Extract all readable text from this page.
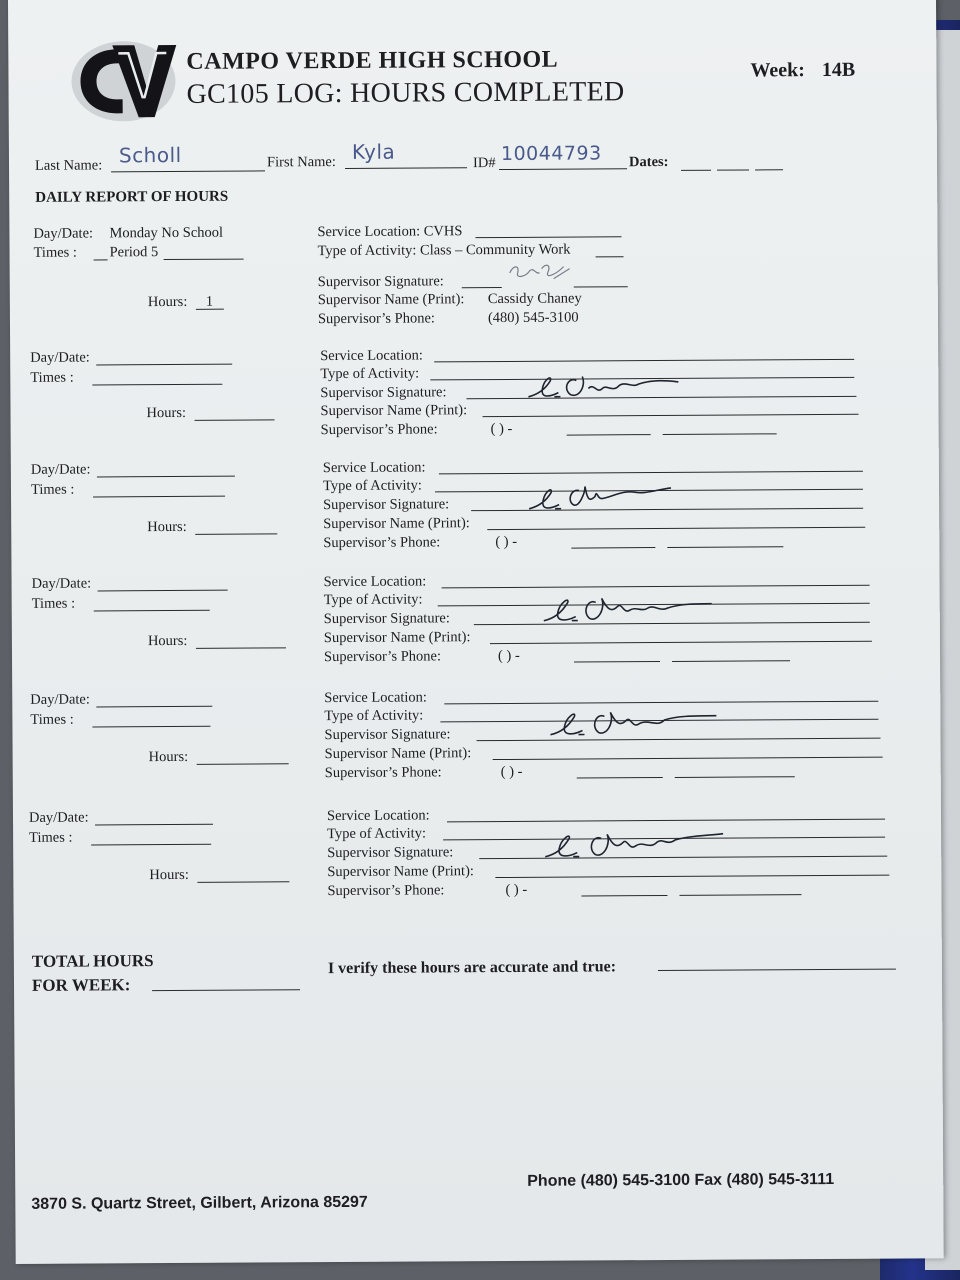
CAMPO VERDE HIGH SCHOOL
GC105 LOG: HOURS COMPLETED
Week: 14B
Last Name: Scholl	First Name: Kyla	ID# 10044793 Dates:
DAILY REPORT OF HOURS
Day/Date: Monday No School
Times : Period 5
Hours: 1
Service Location: CVHS
Type of Activity: Class – Community Work
Supervisor Signature:
Supervisor Name (Print): Cassidy Chaney
Supervisor’s Phone:	(480) 545-3100
Day/Date:
Times :
Hours:
Service Location:
Type of Activity:
Supervisor Signature:
Supervisor Name (Print):
Supervisor’s Phone:	( ) -
Day/Date:
Times :
Hours:
Service Location:
Type of Activity:
Supervisor Signature:
Supervisor Name (Print):
Supervisor’s Phone:	( ) -
Day/Date:
Times :
Hours:
Service Location:
Type of Activity:
Supervisor Signature:
Supervisor Name (Print):
Supervisor’s Phone:	( ) -
Day/Date:
Times :
Hours:
Service Location:
Type of Activity:
Supervisor Signature:
Supervisor Name (Print):
Supervisor’s Phone:	( ) -
Day/Date:
Times :
Hours:
Service Location:
Type of Activity:
Supervisor Signature:
Supervisor Name (Print):
Supervisor’s Phone:	( ) -
TOTAL HOURS
FOR WEEK:
I verify these hours are accurate and true:
3870 S. Quartz Street, Gilbert, Arizona 85297
Phone (480) 545-3100 Fax (480) 545-3111
